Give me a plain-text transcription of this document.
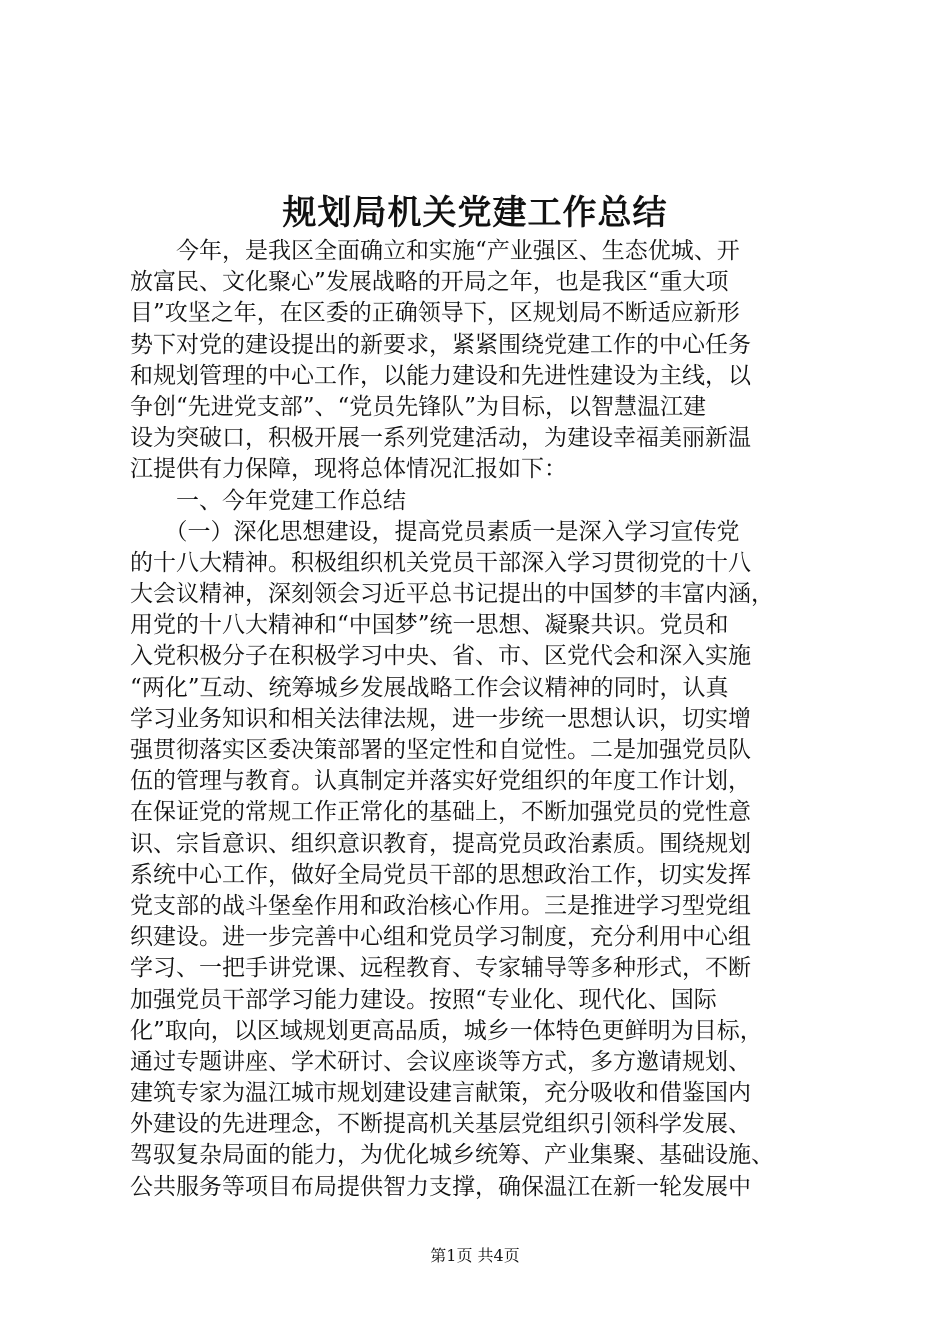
规划局机关党建工作总结
　　今年，是我区全面确立和实施“产业强区、生态优城、开
放富民、文化聚心”发展战略的开局之年，也是我区“重大项
目”攻坚之年，在区委的正确领导下，区规划局不断适应新形
势下对党的建设提出的新要求，紧紧围绕党建工作的中心任务
和规划管理的中心工作，以能力建设和先进性建设为主线，以
争创“先进党支部”、“党员先锋队”为目标，以智慧温江建
设为突破口，积极开展一系列党建活动，为建设幸福美丽新温
江提供有力保障，现将总体情况汇报如下：
　　一、今年党建工作总结
　　（一）深化思想建设，提高党员素质一是深入学习宣传党
的十八大精神。积极组织机关党员干部深入学习贯彻党的十八
大会议精神，深刻领会习近平总书记提出的中国梦的丰富内涵，
用党的十八大精神和“中国梦”统一思想、凝聚共识。党员和
入党积极分子在积极学习中央、省、市、区党代会和深入实施
“两化”互动、统筹城乡发展战略工作会议精神的同时，认真
学习业务知识和相关法律法规，进一步统一思想认识，切实增
强贯彻落实区委决策部署的坚定性和自觉性。二是加强党员队
伍的管理与教育。认真制定并落实好党组织的年度工作计划，
在保证党的常规工作正常化的基础上，不断加强党员的党性意
识、宗旨意识、组织意识教育，提高党员政治素质。围绕规划
系统中心工作，做好全局党员干部的思想政治工作，切实发挥
党支部的战斗堡垒作用和政治核心作用。三是推进学习型党组
织建设。进一步完善中心组和党员学习制度，充分利用中心组
学习、一把手讲党课、远程教育、专家辅导等多种形式，不断
加强党员干部学习能力建设。按照“专业化、现代化、国际
化”取向，以区域规划更高品质，城乡一体特色更鲜明为目标，
通过专题讲座、学术研讨、会议座谈等方式，多方邀请规划、
建筑专家为温江城市规划建设建言献策，充分吸收和借鉴国内
外建设的先进理念，不断提高机关基层党组织引领科学发展、
驾驭复杂局面的能力，为优化城乡统筹、产业集聚、基础设施、
公共服务等项目布局提供智力支撑，确保温江在新一轮发展中
第1页 共4页
